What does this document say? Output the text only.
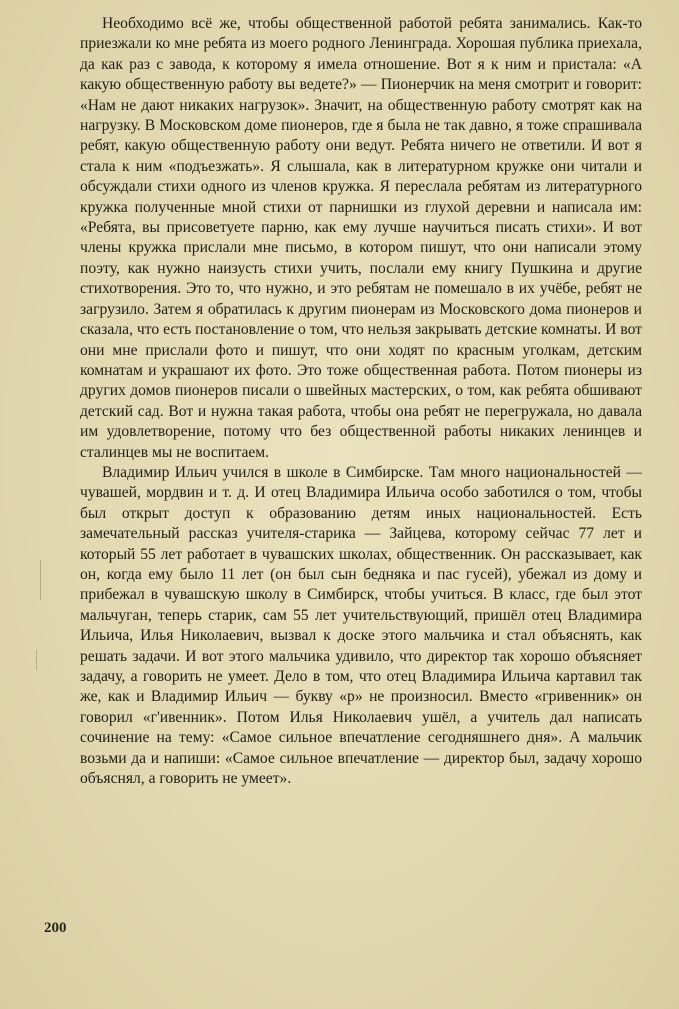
Необходимо всё же, чтобы общественной работой ребята занимались. Как-то приезжали ко мне ребята из моего родного Ленинграда. Хорошая публика приехала, да как раз с завода, к которому я имела отношение. Вот я к ним и пристала: «А какую общественную работу вы ведете?» — Пионерчик на меня смотрит и говорит: «Нам не дают никаких нагрузок». Значит, на общественную работу смотрят как на нагрузку. В Московском доме пионеров, где я была не так давно, я тоже спрашивала ребят, какую общественную работу они ведут. Ребята ничего не ответили. И вот я стала к ним «подъезжать». Я слышала, как в литературном кружке они читали и обсуждали стихи одного из членов кружка. Я переслала ребятам из литературного кружка полученные мной стихи от парнишки из глухой деревни и написала им: «Ребята, вы присоветуете парню, как ему лучше научиться писать стихи». И вот члены кружка прислали мне письмо, в котором пишут, что они написали этому поэту, как нужно наизусть стихи учить, послали ему книгу Пушкина и другие стихотворения. Это то, что нужно, и это ребятам не помешало в их учёбе, ребят не загрузило. Затем я обратилась к другим пионерам из Московского дома пионеров и сказала, что есть постановление о том, что нельзя закрывать детские комнаты. И вот они мне прислали фото и пишут, что они ходят по красным уголкам, детским комнатам и украшают их фото. Это тоже общественная работа. Потом пионеры из других домов пионеров писали о швейных мастерских, о том, как ребята обшивают детский сад. Вот и нужна такая работа, чтобы она ребят не перегружала, но давала им удовлетворение, потому что без общественной работы никаких ленинцев и сталинцев мы не воспитаем.

Владимир Ильич учился в школе в Симбирске. Там много национальностей — чувашей, мордвин и т. д. И отец Владимира Ильича особо заботился о том, чтобы был открыт доступ к образованию детям иных национальностей. Есть замечательный рассказ учителя-старика — Зайцева, которому сейчас 77 лет и который 55 лет работает в чувашских школах, общественник. Он рассказывает, как он, когда ему было 11 лет (он был сын бедняка и пас гусей), убежал из дому и прибежал в чувашскую школу в Симбирск, чтобы учиться. В класс, где был этот мальчуган, теперь старик, сам 55 лет учительствующий, пришёл отец Владимира Ильича, Илья Николаевич, вызвал к доске этого мальчика и стал объяснять, как решать задачи. И вот этого мальчика удивило, что директор так хорошо объясняет задачу, а говорить не умеет. Дело в том, что отец Владимира Ильича картавил так же, как и Владимир Ильич — букву «р» не произносил. Вместо «гривенник» он говорил «г'ивенник». Потом Илья Николаевич ушёл, а учитель дал написать сочинение на тему: «Самое сильное впечатление сегодняшнего дня». А мальчик возьми да и напиши: «Самое сильное впечатление — директор был, задачу хорошо объяснял, а говорить не умеет».

200
